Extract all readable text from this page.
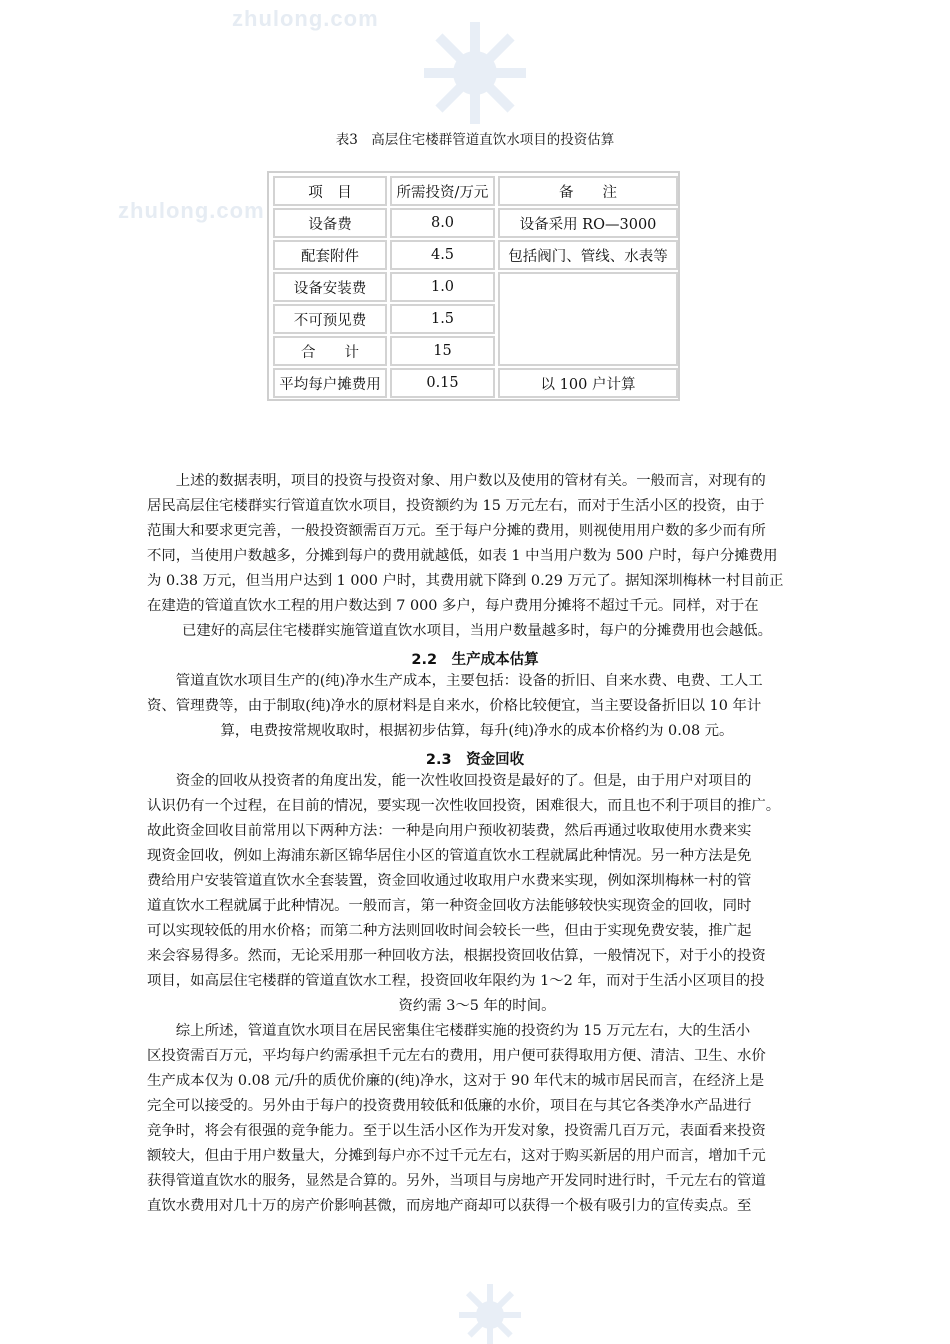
zhulong.com
zhulong.com
表3　高层住宅楼群管道直饮水项目的投资估算
项　目	所需投资/万元	备　　注
设备费	8.0	设备采用 RO—3000
配套附件	4.5	包括阀门、管线、水表等
设备安装费	1.0
不可预见费	1.5
合　　计	15
平均每户摊费用	0.15	以 100 户计算
　　上述的数据表明，项目的投资与投资对象、用户数以及使用的管材有关。一般而言，对现有的
居民高层住宅楼群实行管道直饮水项目，投资额约为 15 万元左右，而对于生活小区的投资，由于
范围大和要求更完善，一般投资额需百万元。至于每户分摊的费用，则视使用用户数的多少而有所
不同，当使用户数越多，分摊到每户的费用就越低，如表 1 中当用户数为 500 户时，每户分摊费用
为 0.38 万元，但当用户达到 1 000 户时，其费用就下降到 0.29 万元了。据知深圳梅林一村目前正
在建造的管道直饮水工程的用户数达到 7 000 多户，每户费用分摊将不超过千元。同样，对于在
已建好的高层住宅楼群实施管道直饮水项目，当用户数量越多时，每户的分摊费用也会越低。
2.2　生产成本估算
　　管道直饮水项目生产的(纯)净水生产成本，主要包括：设备的折旧、自来水费、电费、工人工
资、管理费等，由于制取(纯)净水的原材料是自来水，价格比较便宜，当主要设备折旧以 10 年计
算，电费按常规收取时，根据初步估算，每升(纯)净水的成本价格约为 0.08 元。
2.3　资金回收
　　资金的回收从投资者的角度出发，能一次性收回投资是最好的了。但是，由于用户对项目的
认识仍有一个过程，在目前的情况，要实现一次性收回投资，困难很大，而且也不利于项目的推广。
故此资金回收目前常用以下两种方法：一种是向用户预收初装费，然后再通过收取使用水费来实
现资金回收，例如上海浦东新区锦华居住小区的管道直饮水工程就属此种情况。另一种方法是免
费给用户安装管道直饮水全套装置，资金回收通过收取用户水费来实现，例如深圳梅林一村的管
道直饮水工程就属于此种情况。一般而言，第一种资金回收方法能够较快实现资金的回收，同时
可以实现较低的用水价格；而第二种方法则回收时间会较长一些，但由于实现免费安装，推广起
来会容易得多。然而，无论采用那一种回收方法，根据投资回收估算，一般情况下，对于小的投资
项目，如高层住宅楼群的管道直饮水工程，投资回收年限约为 1～2 年，而对于生活小区项目的投
资约需 3～5 年的时间。
　　综上所述，管道直饮水项目在居民密集住宅楼群实施的投资约为 15 万元左右，大的生活小
区投资需百万元，平均每户约需承担千元左右的费用，用户便可获得取用方便、清洁、卫生、水价
生产成本仅为 0.08 元/升的质优价廉的(纯)净水，这对于 90 年代末的城市居民而言，在经济上是
完全可以接受的。另外由于每户的投资费用较低和低廉的水价，项目在与其它各类净水产品进行
竞争时，将会有很强的竞争能力。至于以生活小区作为开发对象，投资需几百万元，表面看来投资
额较大，但由于用户数量大，分摊到每户亦不过千元左右，这对于购买新居的用户而言，增加千元
获得管道直饮水的服务，显然是合算的。另外，当项目与房地产开发同时进行时，千元左右的管道
直饮水费用对几十万的房产价影响甚微，而房地产商却可以获得一个极有吸引力的宣传卖点。至
